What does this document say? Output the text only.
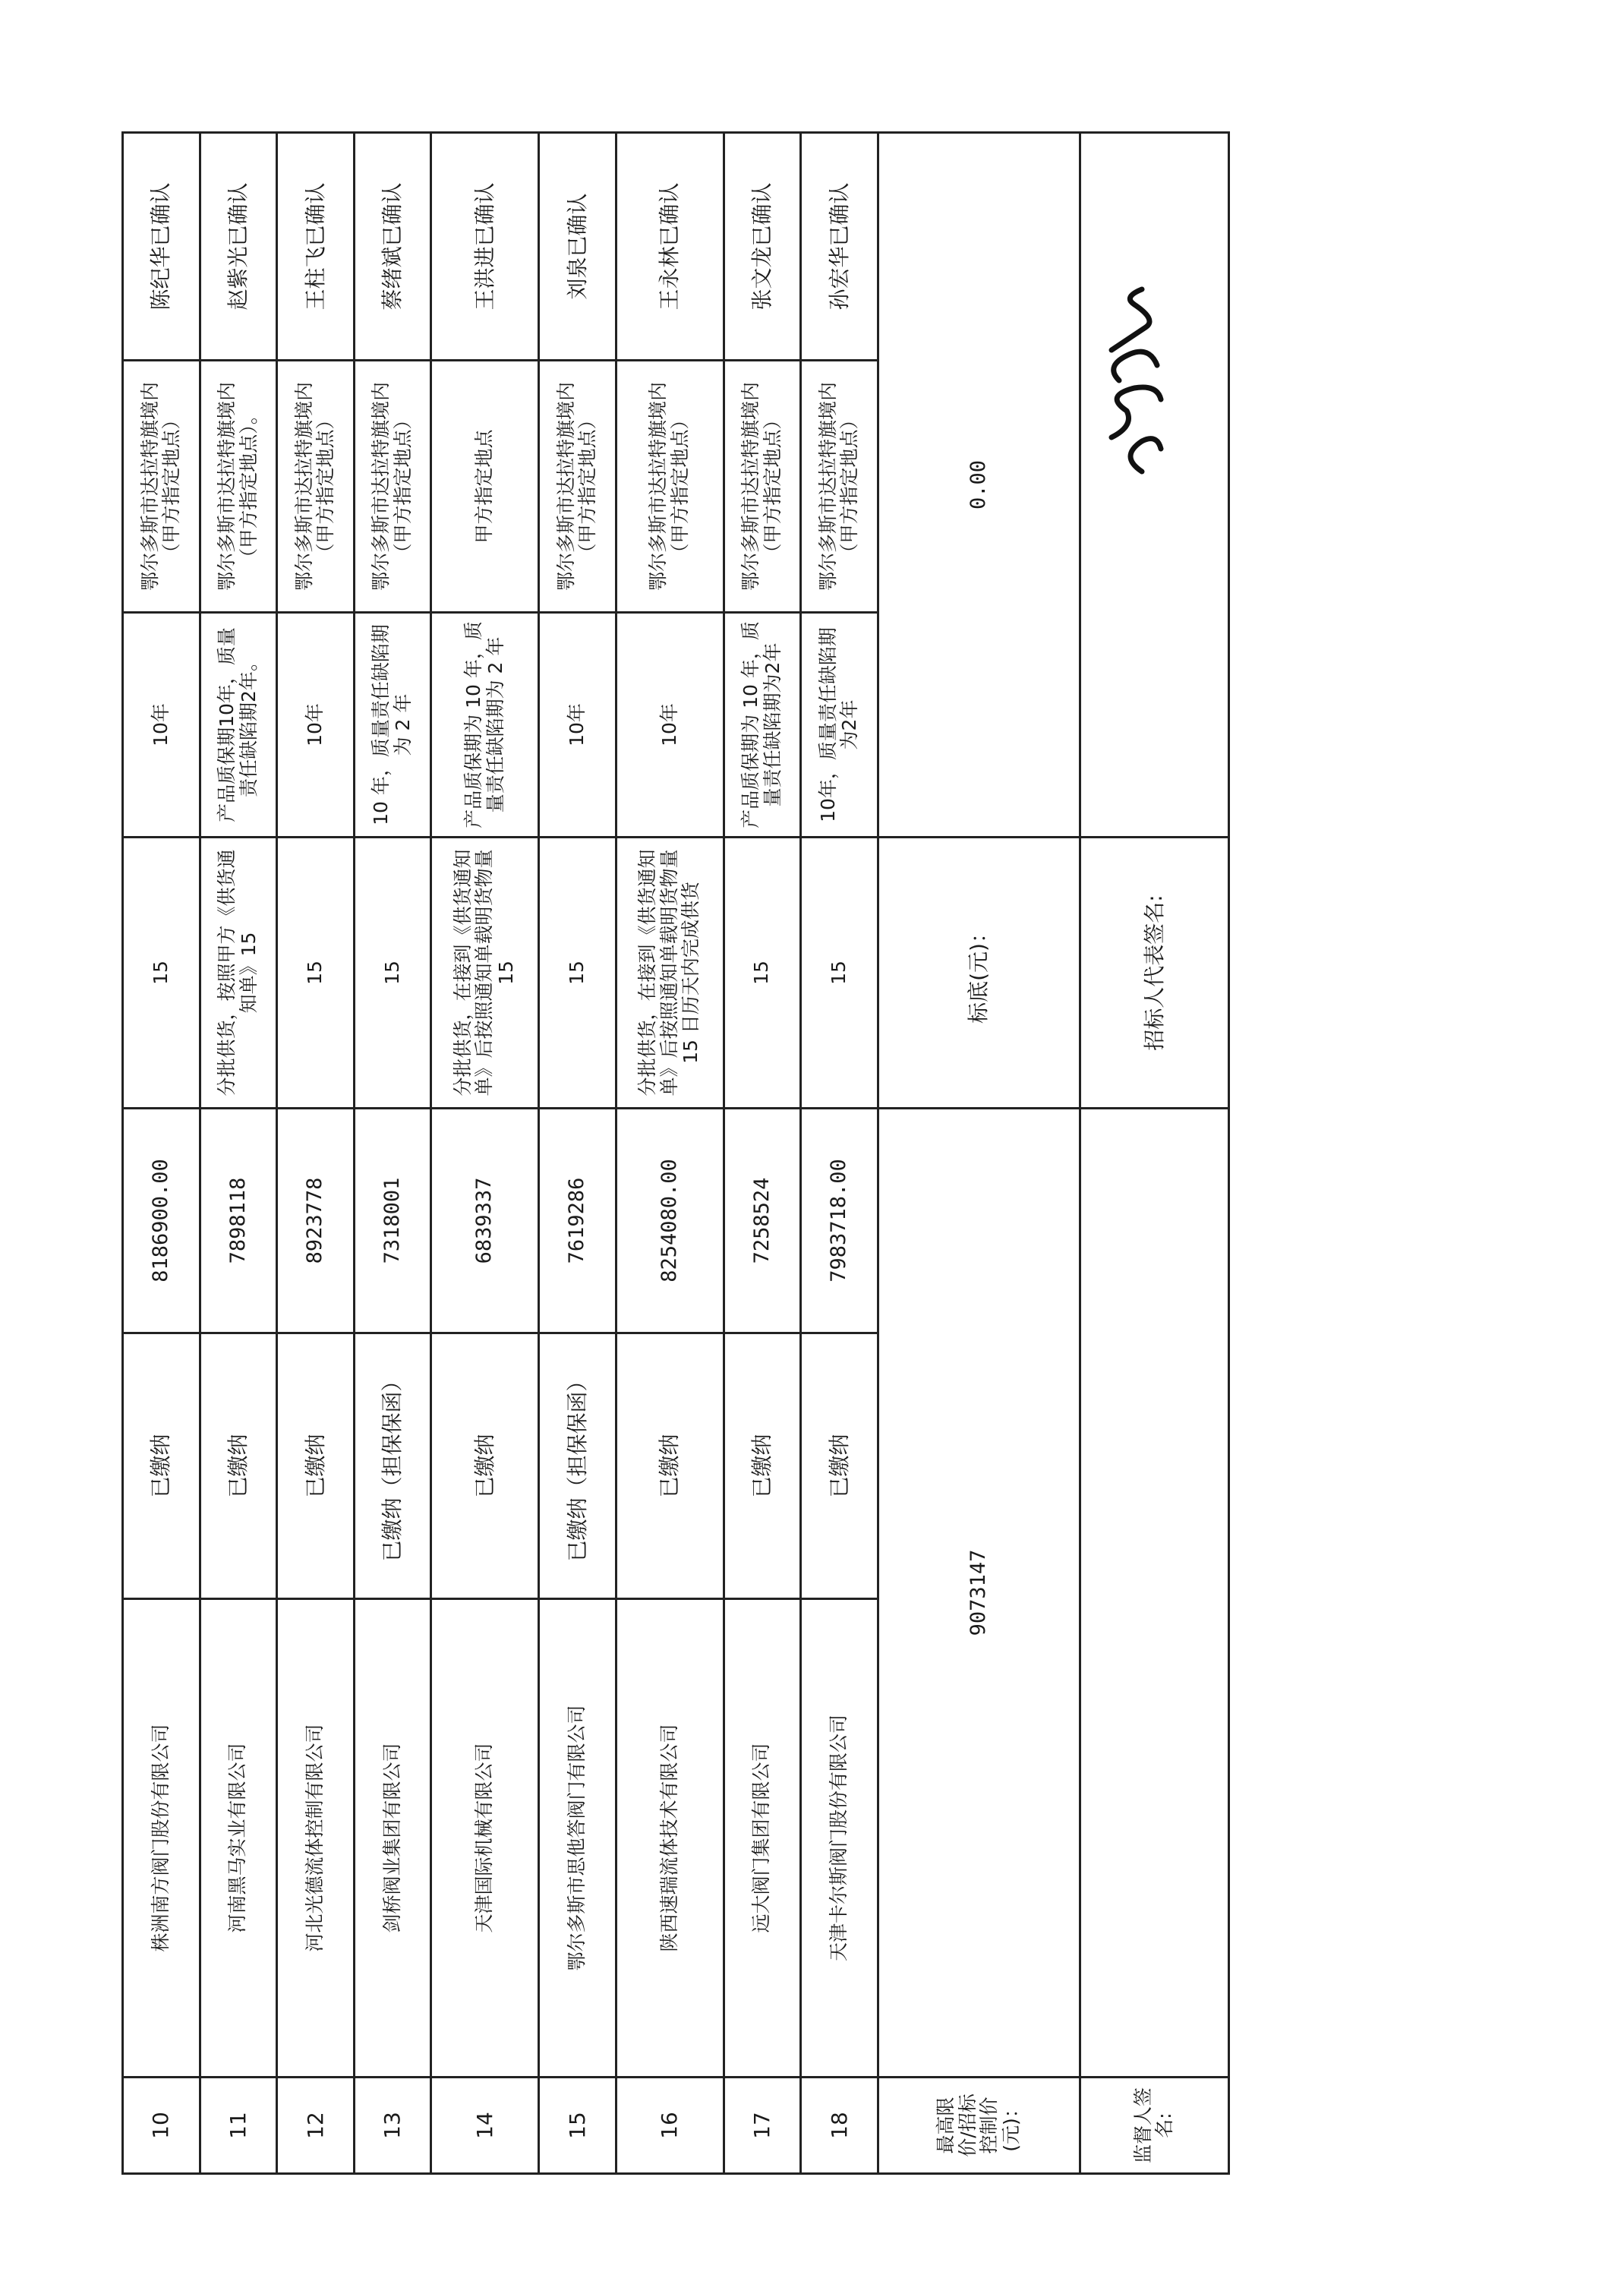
10	株洲南方阀门股份有限公司	已缴纳	8186900.00	15	10年	鄂尔多斯市达拉特旗境内（甲方指定地点）	陈纪华已确认
11	河南黑马实业有限公司	已缴纳	7898118	分批供货，按照甲方《供货通知单》15	产品质保期10年，质量责任缺陷期2年。	鄂尔多斯市达拉特旗境内（甲方指定地点）。	赵紫光已确认
12	河北光德流体控制有限公司	已缴纳	8923778	15	10年	鄂尔多斯市达拉特旗境内（甲方指定地点）	王柱飞已确认
13	剑桥阀业集团有限公司	已缴纳（担保保函）	7318001	15	10 年，质量责任缺陷期为 2 年	鄂尔多斯市达拉特旗境内（甲方指定地点）	蔡绪斌已确认
14	天津国际机械有限公司	已缴纳	6839337	分批供货，在接到《供货通知单》后按照通知单载明货物量 15	产品质保期为 10 年，质量责任缺陷期为 2 年	甲方指定地点	王洪进已确认
15	鄂尔多斯市思他答阀门有限公司	已缴纳（担保保函）	7619286	15	10年	鄂尔多斯市达拉特旗境内（甲方指定地点）	刘泉已确认
16	陕西速瑞流体技术有限公司	已缴纳	8254080.00	分批供货，在接到《供货通知单》后按照通知单载明货物量15 日历天内完成供货	10年	鄂尔多斯市达拉特旗境内（甲方指定地点）	王永林已确认
17	远大阀门集团有限公司	已缴纳	7258524	15	产品质保期为 10 年，质量责任缺陷期为2年	鄂尔多斯市达拉特旗境内（甲方指定地点）	张文龙已确认
18	天津卡尔斯阀门股份有限公司	已缴纳	7983718.00	15	10年，质量责任缺陷期为2年	鄂尔多斯市达拉特旗境内（甲方指定地点）	孙宏华已确认
最高限价/招标控制价(元)：	9073147			标底(元)：	0.00		
监督人签名:				招标人代表签名:	
